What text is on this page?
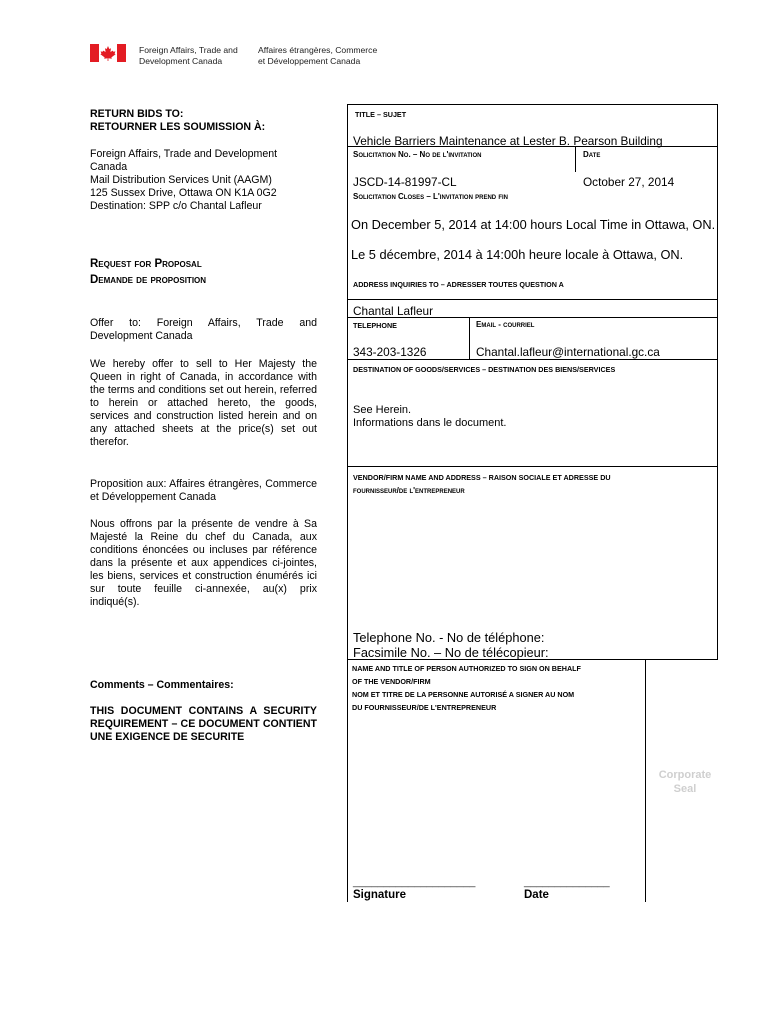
Foreign Affairs, Trade and
Development Canada
Affaires étrangères, Commerce
et Développement Canada
RETURN BIDS TO:
RETOURNER LES SOUMISSION À:
Foreign Affairs, Trade and Development
Canada
Mail Distribution Services Unit (AAGM)
125 Sussex Drive, Ottawa ON K1A 0G2
Destination: SPP c/o Chantal Lafleur
Request for Proposal
Demande de proposition
Offer to: Foreign Affairs, Trade and Development Canada
We hereby offer to sell to Her Majesty the Queen in right of Canada, in accordance with the terms and conditions set out herein, referred to herein or attached hereto, the goods, services and construction listed herein and on any attached sheets at the price(s) set out therefor.
Proposition aux: Affaires étrangères, Commerce et Développement Canada
Nous offrons par la présente de vendre à Sa Majesté la Reine du chef du Canada, aux conditions énoncées ou incluses par référence dans la présente et aux appendices ci-jointes, les biens, services et construction énumérés ici sur toute feuille ci-annexée, au(x) prix indiqué(s).
Comments – Commentaires:
THIS DOCUMENT CONTAINS A SECURITY REQUIREMENT – CE DOCUMENT CONTIENT UNE EXIGENCE DE SECURITE
TITLE – SUJET
Vehicle Barriers Maintenance at Lester B. Pearson Building
Solicitation No. – No de l'invitation	Date
JSCD-14-81997-CL	October 27, 2014
Solicitation Closes – L'invitation prend fin
On December 5, 2014 at 14:00 hours Local Time in Ottawa, ON.
Le 5 décembre, 2014 à 14:00h heure locale à Ottawa, ON.
ADDRESS INQUIRIES TO – ADRESSER TOUTES QUESTION A
Chantal Lafleur
TELEPHONE	Email - courriel
343-203-1326	Chantal.lafleur@international.gc.ca
DESTINATION OF GOODS/SERVICES – DESTINATION DES BIENS/SERVICES
See Herein.
Informations dans le document.
VENDOR/FIRM NAME AND ADDRESS – RAISON SOCIALE ET ADRESSE DU
fournisseur/de l'entrepreneur
Telephone No. - No de téléphone:
Facsimile No. – No de télécopieur:
NAME AND TITLE OF PERSON AUTHORIZED TO SIGN ON BEHALF
OF THE VENDOR/FIRM
NOM ET TITRE DE LA PERSONNE AUTORISÉ A SIGNER AU NOM
DU FOURNISSEUR/DE L'ENTREPRENEUR
Corporate
Seal
____________________	______________
Signature	Date
